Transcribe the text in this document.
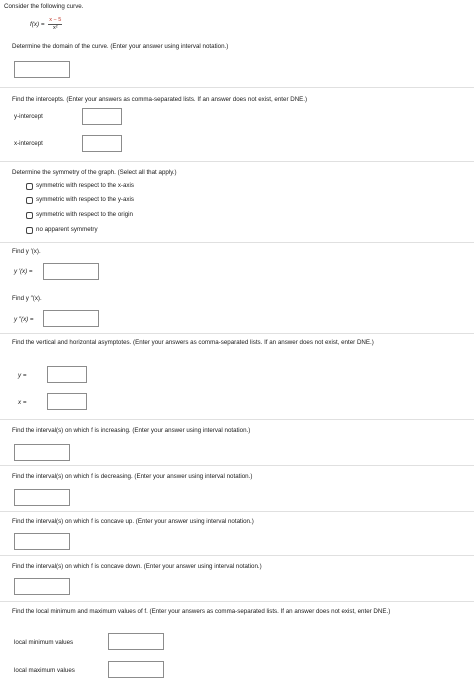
Consider the following curve.
$f(x) = \frac{x - 5}{\text{x²}}$
Determine the domain of the curve. (Enter your answer using interval notation.)
Find the intercepts. (Enter your answers as comma-separated lists. If an answer does not exist, enter DNE.)
y-intercept
x-intercept
Determine the symmetry of the graph. (Select all that apply.)
symmetric with respect to the x-axis
symmetric with respect to the y-axis
symmetric with respect to the origin
no apparent symmetry
Find y ′(x).
y ′(x) =
Find y ″(x).
y ″(x) =
Find the vertical and horizontal asymptotes. (Enter your answers as comma-separated lists. If an answer does not exist, enter DNE.)
y =
x =
Find the interval(s) on which f is increasing. (Enter your answer using interval notation.)
Find the interval(s) on which f is decreasing. (Enter your answer using interval notation.)
Find the interval(s) on which f is concave up. (Enter your answer using interval notation.)
Find the interval(s) on which f is concave down. (Enter your answer using interval notation.)
Find the local minimum and maximum values of f. (Enter your answers as comma-separated lists. If an answer does not exist, enter DNE.)
local minimum values
local maximum values
